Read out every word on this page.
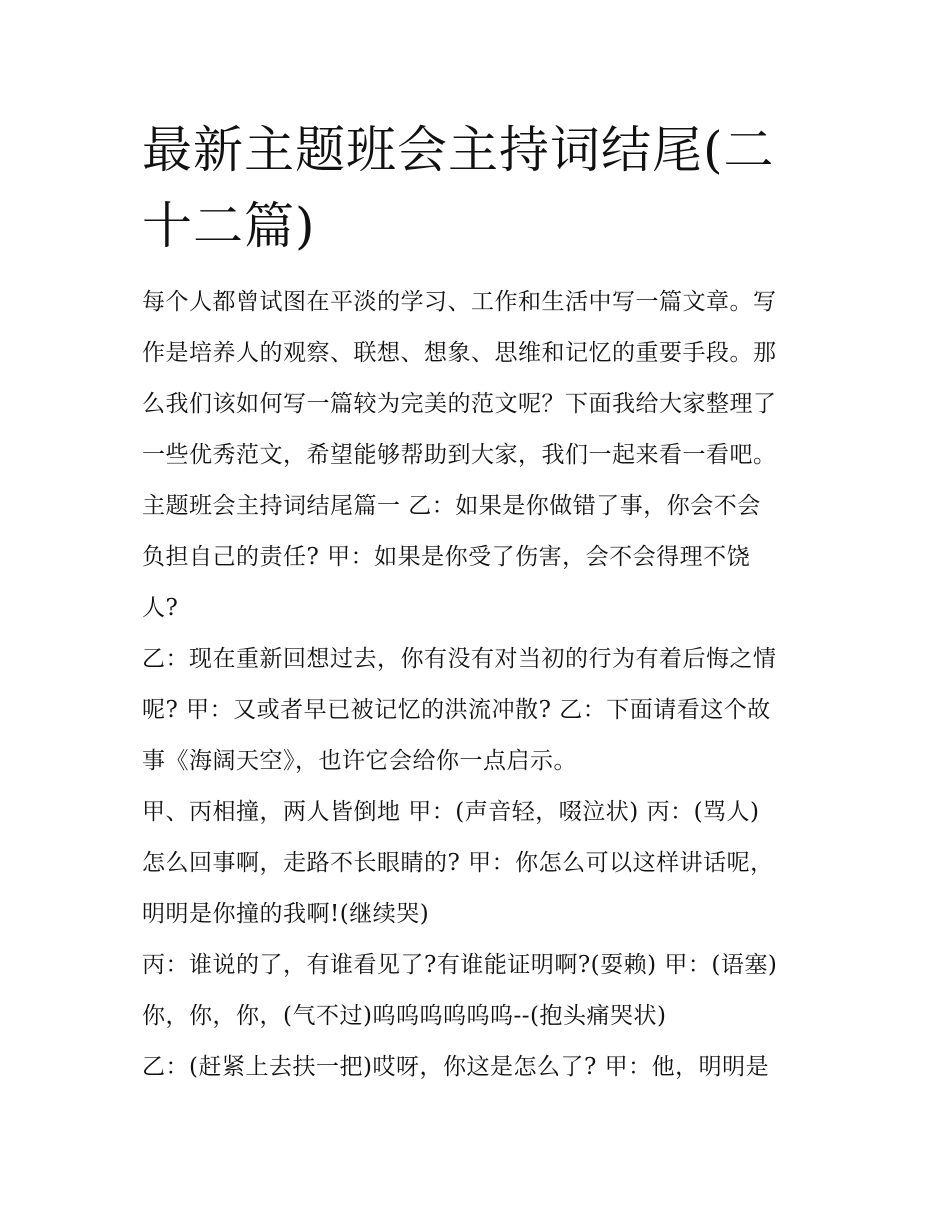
最新主题班会主持词结尾(二十二篇)
每个人都曾试图在平淡的学习、工作和生活中写一篇文章。写
作是培养人的观察、联想、想象、思维和记忆的重要手段。那
么我们该如何写一篇较为完美的范文呢？下面我给大家整理了
一些优秀范文，希望能够帮助到大家，我们一起来看一看吧。
主题班会主持词结尾篇一 乙：如果是你做错了事，你会不会
负担自己的责任? 甲：如果是你受了伤害，会不会得理不饶
人?
乙：现在重新回想过去，你有没有对当初的行为有着后悔之情
呢? 甲：又或者早已被记忆的洪流冲散? 乙：下面请看这个故
事《海阔天空》，也许它会给你一点启示。
甲、丙相撞，两人皆倒地 甲：(声音轻，啜泣状) 丙：(骂人)
怎么回事啊，走路不长眼睛的? 甲：你怎么可以这样讲话呢，
明明是你撞的我啊!(继续哭)
丙：谁说的了，有谁看见了?有谁能证明啊?(耍赖) 甲：(语塞)
你，你，你，(气不过)呜呜呜呜呜呜--(抱头痛哭状)
乙：(赶紧上去扶一把)哎呀，你这是怎么了? 甲：他，明明是
